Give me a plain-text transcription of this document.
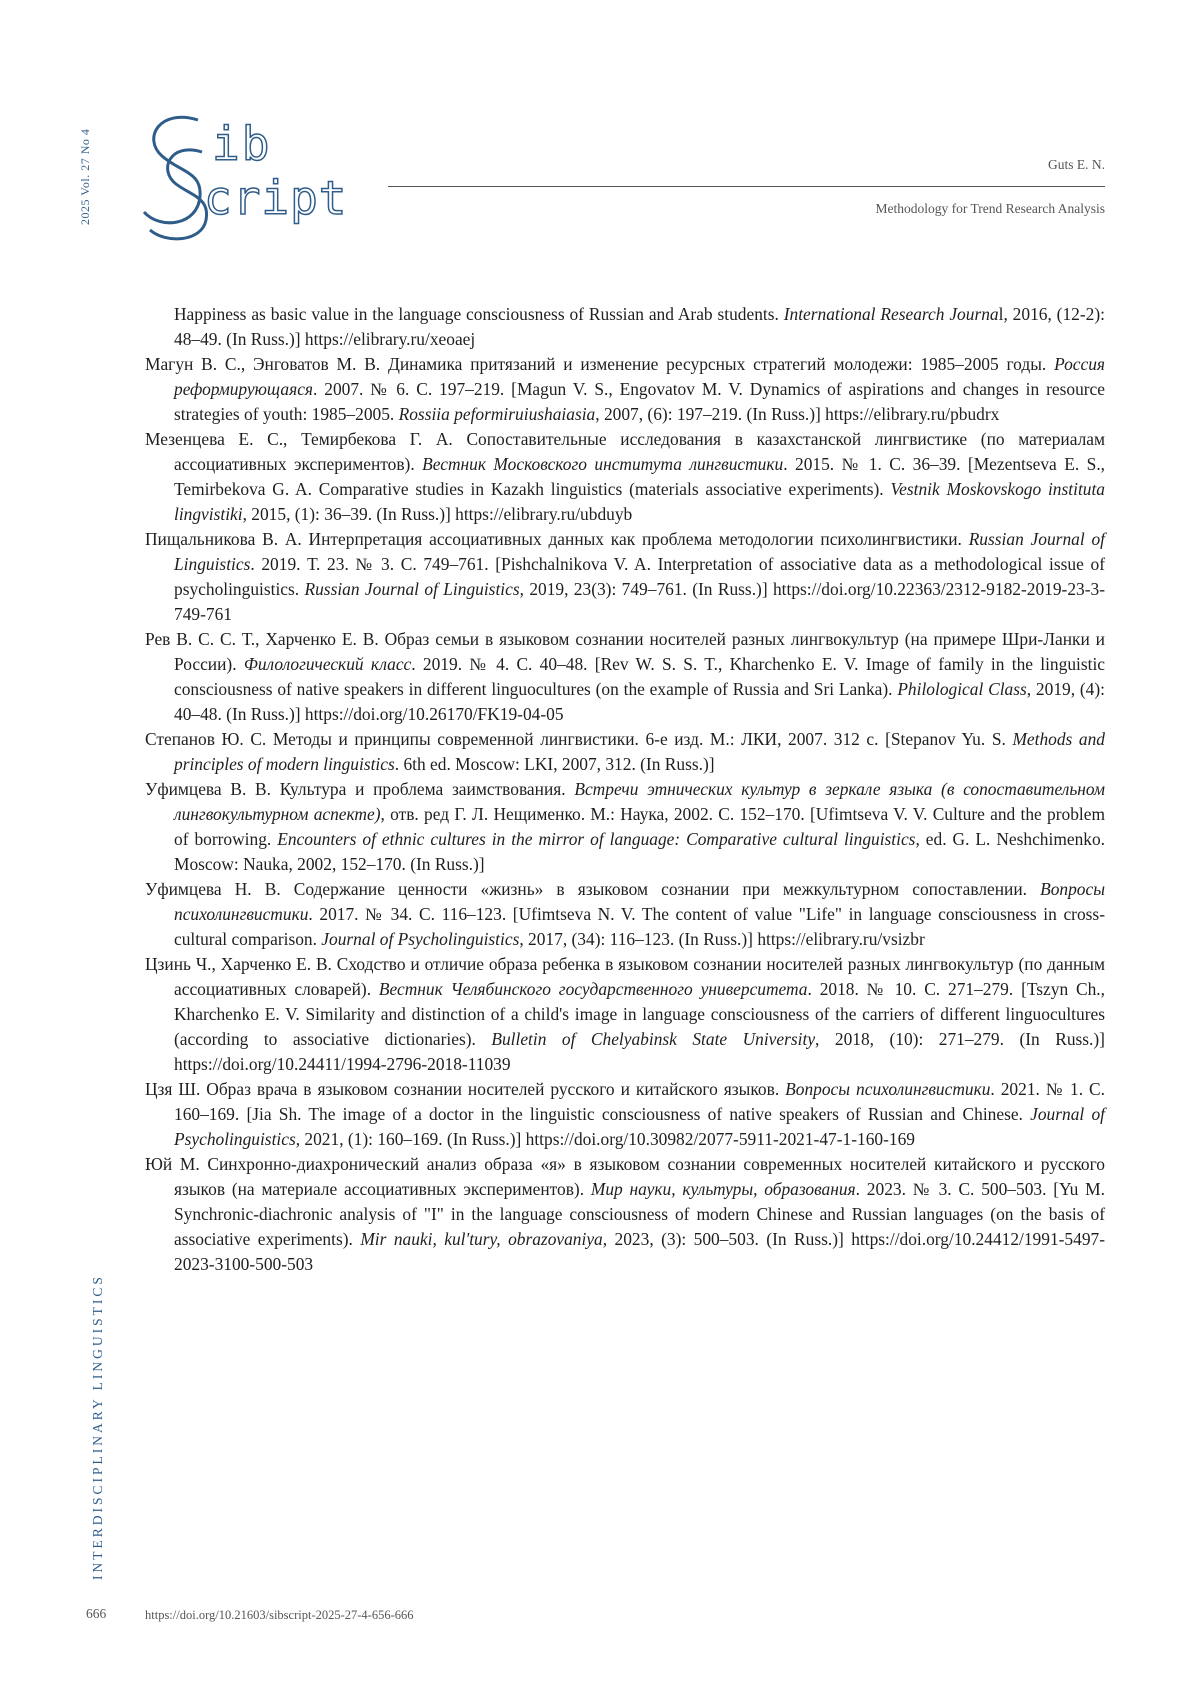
2025 Vol. 27 No 4	ib
cript
Guts E. N.
Methodology for Trend Research Analysis

Happiness as basic value in the language consciousness of Russian and Arab students. International Research Journal, 2016, (12-2): 48–49. (In Russ.)] https://elibrary.ru/xeoaej

Магун В. С., Энговатов М. В. Динамика притязаний и изменение ресурсных стратегий молодежи: 1985–2005 годы. Россия реформирующаяся. 2007. № 6. С. 197–219. [Magun V. S., Engovatov M. V. Dynamics of aspirations and changes in resource strategies of youth: 1985–2005. Rossiia peformiruiushaiasia, 2007, (6): 197–219. (In Russ.)] https://elibrary.ru/pbudrx

Мезенцева Е. С., Темирбекова Г. А. Сопоставительные исследования в казахстанской лингвистике (по материалам ассоциативных экспериментов). Вестник Московского института лингвистики. 2015. № 1. С. 36–39. [Mezentseva E. S., Temirbekova G. A. Comparative studies in Kazakh linguistics (materials associative experiments). Vestnik Moskovskogo instituta lingvistiki, 2015, (1): 36–39. (In Russ.)] https://elibrary.ru/ubduyb

Пищальникова В. А. Интерпретация ассоциативных данных как проблема методологии психолингвистики. Russian Journal of Linguistics. 2019. Т. 23. № 3. С. 749–761. [Pishchalnikova V. A. Interpretation of associative data as a methodological issue of psycholinguistics. Russian Journal of Linguistics, 2019, 23(3): 749–761. (In Russ.)] https://doi.org/10.22363/2312-9182-2019-23-3-749-761

Рев В. С. С. Т., Харченко Е. В. Образ семьи в языковом сознании носителей разных лингвокультур (на примере Шри-Ланки и России). Филологический класс. 2019. № 4. С. 40–48. [Rev W. S. S. T., Kharchenko E. V. Image of family in the linguistic consciousness of native speakers in different linguocultures (on the example of Russia and Sri Lanka). Philological Class, 2019, (4): 40–48. (In Russ.)] https://doi.org/10.26170/FK19-04-05

Степанов Ю. С. Методы и принципы современной лингвистики. 6-е изд. М.: ЛКИ, 2007. 312 с. [Stepanov Yu. S. Methods and principles of modern linguistics. 6th ed. Moscow: LKI, 2007, 312. (In Russ.)]

Уфимцева В. В. Культура и проблема заимствования. Встречи этнических культур в зеркале языка (в сопоставительном лингвокультурном аспекте), отв. ред Г. Л. Нещименко. М.: Наука, 2002. С. 152–170. [Ufimtseva V. V. Culture and the problem of borrowing. Encounters of ethnic cultures in the mirror of language: Comparative cultural linguistics, ed. G. L. Neshchimenko. Moscow: Nauka, 2002, 152–170. (In Russ.)]

Уфимцева Н. В. Содержание ценности «жизнь» в языковом сознании при межкультурном сопоставлении. Вопросы психолингвистики. 2017. № 34. С. 116–123. [Ufimtseva N. V. The content of value "Life" in language consciousness in cross-cultural comparison. Journal of Psycholinguistics, 2017, (34): 116–123. (In Russ.)] https://elibrary.ru/vsizbr

Цзинь Ч., Харченко Е. В. Сходство и отличие образа ребенка в языковом сознании носителей разных лингвокультур (по данным ассоциативных словарей). Вестник Челябинского государственного университета. 2018. № 10. С. 271–279. [Tszyn Ch., Kharchenko E. V. Similarity and distinction of a child's image in language consciousness of the carriers of different linguocultures (according to associative dictionaries). Bulletin of Chelyabinsk State University, 2018, (10): 271–279. (In Russ.)] https://doi.org/10.24411/1994-2796-2018-11039

Цзя Ш. Образ врача в языковом сознании носителей русского и китайского языков. Вопросы психолингвистики. 2021. № 1. С. 160–169. [Jia Sh. The image of a doctor in the linguistic consciousness of native speakers of Russian and Chinese. Journal of Psycholinguistics, 2021, (1): 160–169. (In Russ.)] https://doi.org/10.30982/2077-5911-2021-47-1-160-169

Юй М. Синхронно-диахронический анализ образа «я» в языковом сознании современных носителей китайского и русского языков (на материале ассоциативных экспериментов). Мир науки, культуры, образования. 2023. № 3. С. 500–503. [Yu M. Synchronic-diachronic analysis of "I" in the language consciousness of modern Chinese and Russian languages (on the basis of associative experiments). Mir nauki, kul'tury, obrazovaniya, 2023, (3): 500–503. (In Russ.)] https://doi.org/10.24412/1991-5497-2023-3100-500-503

INTERDISCIPLINARY LINGUISTICS
666	https://doi.org/10.21603/sibscript-2025-27-4-656-666
